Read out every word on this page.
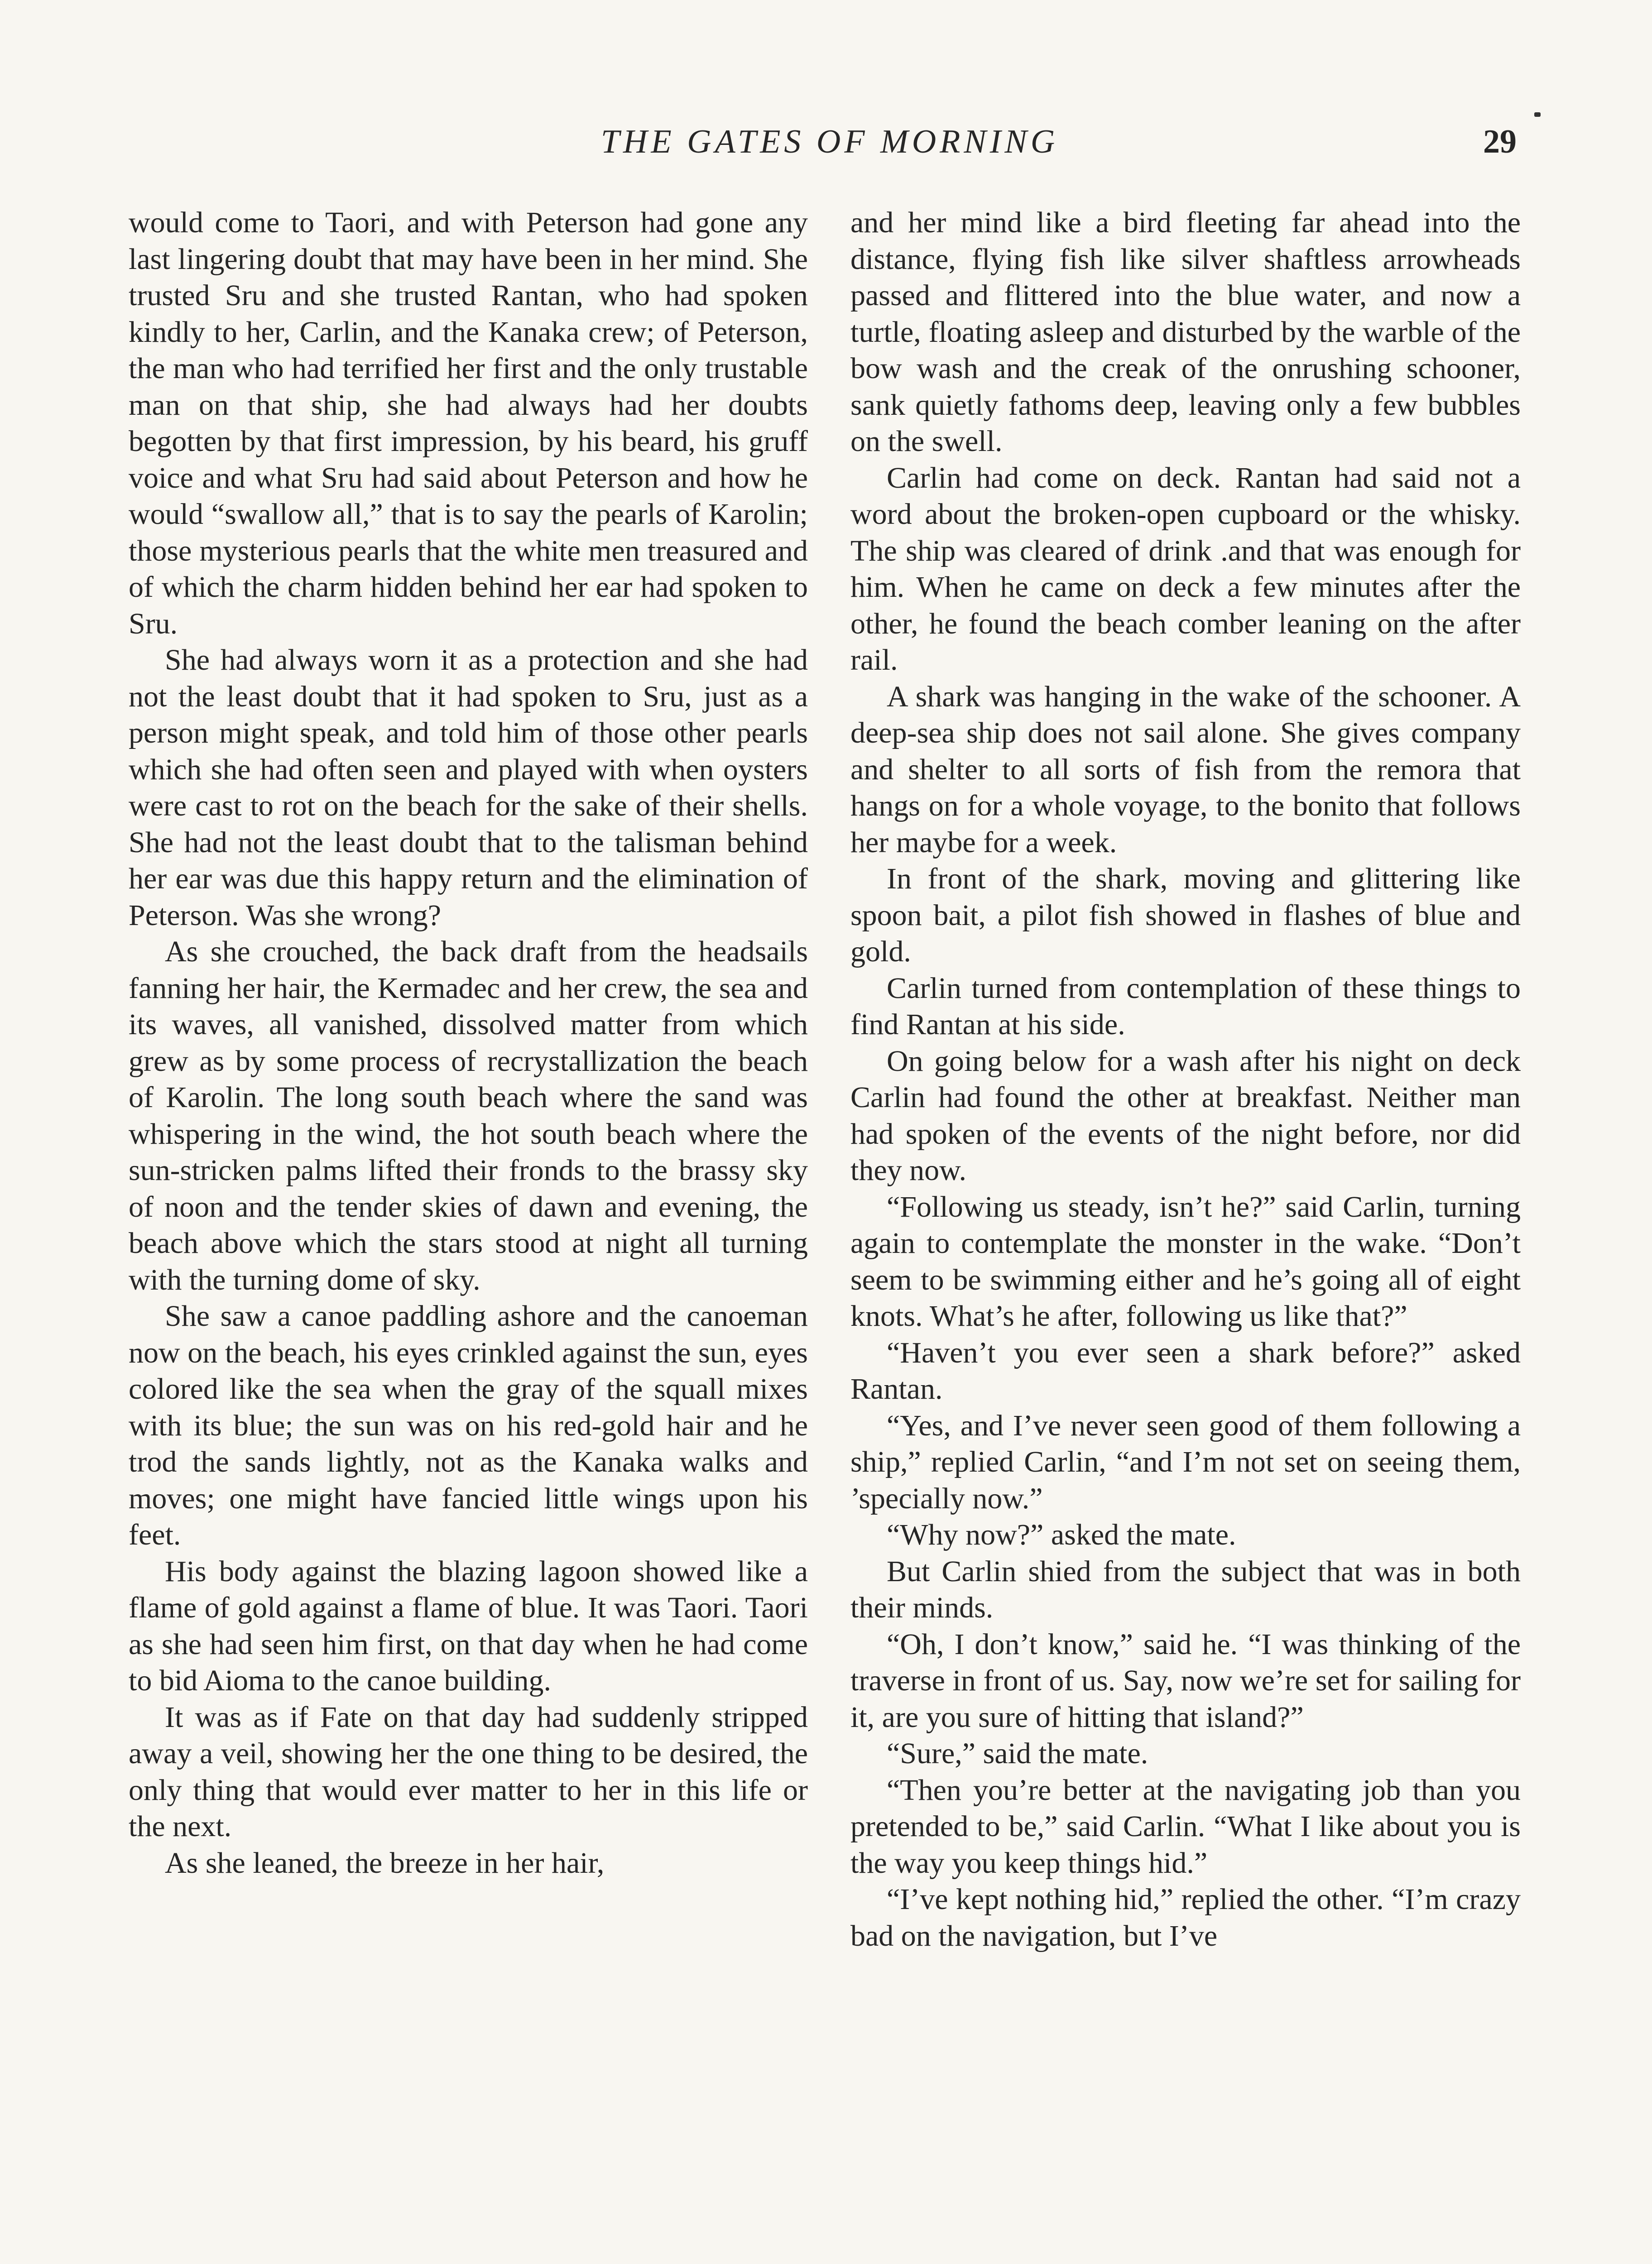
THE GATES OF MORNING	29

would come to Taori, and with Peterson had gone any last lingering doubt that may have been in her mind. She trusted Sru and she trusted Rantan, who had spoken kindly to her, Carlin, and the Kanaka crew; of Peterson, the man who had terrified her first and the only trustable man on that ship, she had always had her doubts begotten by that first impression, by his beard, his gruff voice and what Sru had said about Peterson and how he would “swallow all,” that is to say the pearls of Karolin; those mysterious pearls that the white men treasured and of which the charm hidden behind her ear had spoken to Sru.

She had always worn it as a protection and she had not the least doubt that it had spoken to Sru, just as a person might speak, and told him of those other pearls which she had often seen and played with when oysters were cast to rot on the beach for the sake of their shells. She had not the least doubt that to the talisman behind her ear was due this happy return and the elimination of Peterson. Was she wrong?

As she crouched, the back draft from the headsails fanning her hair, the Kermadec and her crew, the sea and its waves, all vanished, dissolved matter from which grew as by some process of recrystallization the beach of Karolin. The long south beach where the sand was whispering in the wind, the hot south beach where the sun-stricken palms lifted their fronds to the brassy sky of noon and the tender skies of dawn and evening, the beach above which the stars stood at night all turning with the turning dome of sky.

She saw a canoe paddling ashore and the canoeman now on the beach, his eyes crinkled against the sun, eyes colored like the sea when the gray of the squall mixes with its blue; the sun was on his red-gold hair and he trod the sands lightly, not as the Kanaka walks and moves; one might have fancied little wings upon his feet.

His body against the blazing lagoon showed like a flame of gold against a flame of blue. It was Taori. Taori as she had seen him first, on that day when he had come to bid Aioma to the canoe building.

It was as if Fate on that day had suddenly stripped away a veil, showing her the one thing to be desired, the only thing that would ever matter to her in this life or the next.

As she leaned, the breeze in her hair,

and her mind like a bird fleeting far ahead into the distance, flying fish like silver shaftless arrowheads passed and flittered into the blue water, and now a turtle, floating asleep and disturbed by the warble of the bow wash and the creak of the onrushing schooner, sank quietly fathoms deep, leaving only a few bubbles on the swell.

Carlin had come on deck. Rantan had said not a word about the broken-open cupboard or the whisky. The ship was cleared of drink .and that was enough for him. When he came on deck a few minutes after the other, he found the beach comber leaning on the after rail.

A shark was hanging in the wake of the schooner. A deep-sea ship does not sail alone. She gives company and shelter to all sorts of fish from the remora that hangs on for a whole voyage, to the bonito that follows her maybe for a week.

In front of the shark, moving and glittering like spoon bait, a pilot fish showed in flashes of blue and gold.

Carlin turned from contemplation of these things to find Rantan at his side.

On going below for a wash after his night on deck Carlin had found the other at breakfast. Neither man had spoken of the events of the night before, nor did they now.

“Following us steady, isn’t he?” said Carlin, turning again to contemplate the monster in the wake. “Don’t seem to be swimming either and he’s going all of eight knots. What’s he after, following us like that?”

“Haven’t you ever seen a shark before?” asked Rantan.

“Yes, and I’ve never seen good of them following a ship,” replied Carlin, “and I’m not set on seeing them, ’specially now.”

“Why now?” asked the mate.

But Carlin shied from the subject that was in both their minds.

“Oh, I don’t know,” said he. “I was thinking of the traverse in front of us. Say, now we’re set for sailing for it, are you sure of hitting that island?”

“Sure,” said the mate.

“Then you’re better at the navigating job than you pretended to be,” said Carlin. “What I like about you is the way you keep things hid.”

“I’ve kept nothing hid,” replied the other. “I’m crazy bad on the navigation, but I’ve
